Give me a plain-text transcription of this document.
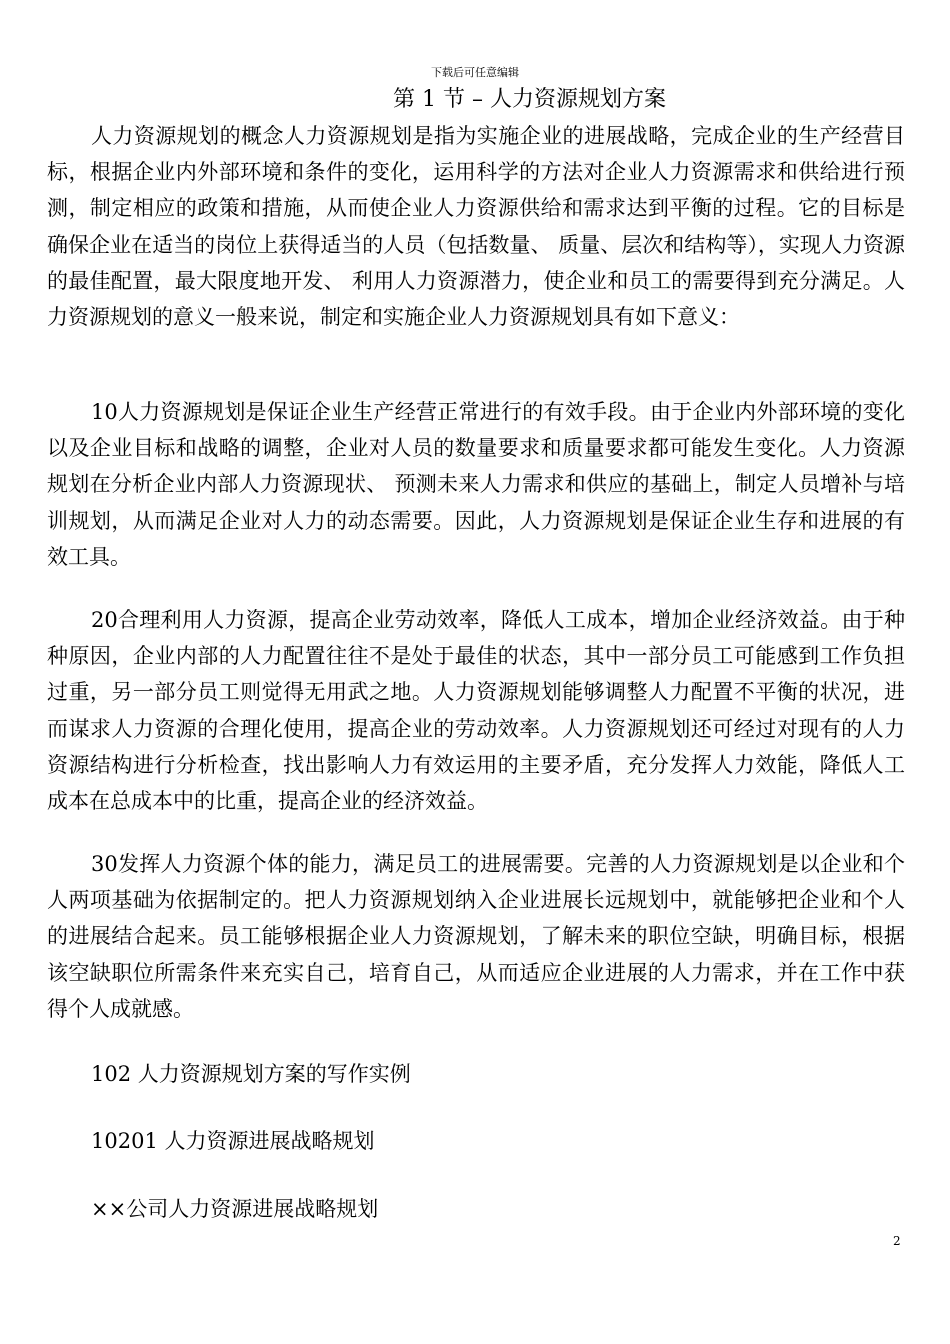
下载后可任意编辑
第 1 节 – 人力资源规划方案

人力资源规划的概念人力资源规划是指为实施企业的进展战略，完成企业的生产经营目标，根据企业内外部环境和条件的变化，运用科学的方法对企业人力资源需求和供给进行预测，制定相应的政策和措施，从而使企业人力资源供给和需求达到平衡的过程。它的目标是确保企业在适当的岗位上获得适当的人员（包括数量、 质量、层次和结构等），实现人力资源的最佳配置，最大限度地开发、 利用人力资源潜力，使企业和员工的需要得到充分满足。人力资源规划的意义一般来说，制定和实施企业人力资源规划具有如下意义：

10人力资源规划是保证企业生产经营正常进行的有效手段。由于企业内外部环境的变化以及企业目标和战略的调整，企业对人员的数量要求和质量要求都可能发生变化。人力资源规划在分析企业内部人力资源现状、 预测未来人力需求和供应的基础上，制定人员增补与培训规划，从而满足企业对人力的动态需要。因此，人力资源规划是保证企业生存和进展的有效工具。

20合理利用人力资源，提高企业劳动效率，降低人工成本，增加企业经济效益。由于种种原因，企业内部的人力配置往往不是处于最佳的状态，其中一部分员工可能感到工作负担过重，另一部分员工则觉得无用武之地。人力资源规划能够调整人力配置不平衡的状况，进而谋求人力资源的合理化使用，提高企业的劳动效率。人力资源规划还可经过对现有的人力资源结构进行分析检查，找出影响人力有效运用的主要矛盾，充分发挥人力效能，降低人工成本在总成本中的比重，提高企业的经济效益。

30发挥人力资源个体的能力，满足员工的进展需要。完善的人力资源规划是以企业和个人两项基础为依据制定的。把人力资源规划纳入企业进展长远规划中，就能够把企业和个人的进展结合起来。员工能够根据企业人力资源规划，了解未来的职位空缺，明确目标，根据该空缺职位所需条件来充实自己，培育自己，从而适应企业进展的人力需求，并在工作中获得个人成就感。

102 人力资源规划方案的写作实例
10201 人力资源进展战略规划
××公司人力资源进展战略规划
2
